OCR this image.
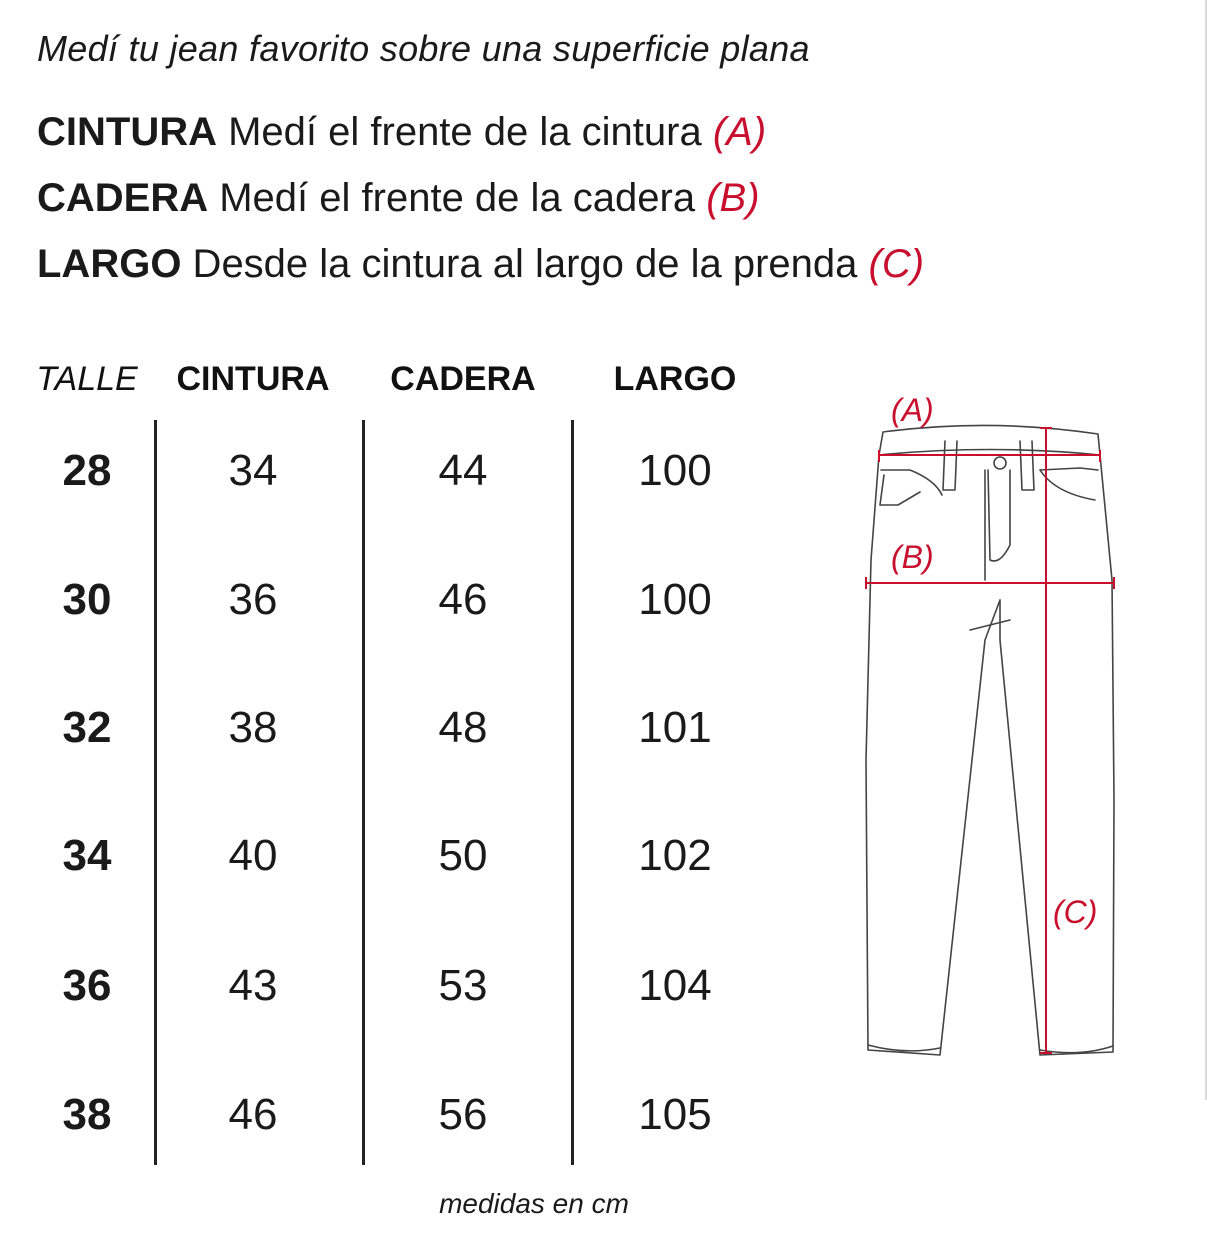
Medí tu jean favorito sobre una superficie plana
CINTURA Medí el frente de la cintura (A)
CADERA Medí el frente de la cadera (B)
LARGO Desde la cintura al largo de la prenda (C)
TALLE CINTURA CADERA LARGO
28	34	44	100
30	36	46	100
32	38	48	101
34	40	50	102
36	43	53	104
38	46	56	105
(A)
(B)
(C)
medidas en cm
